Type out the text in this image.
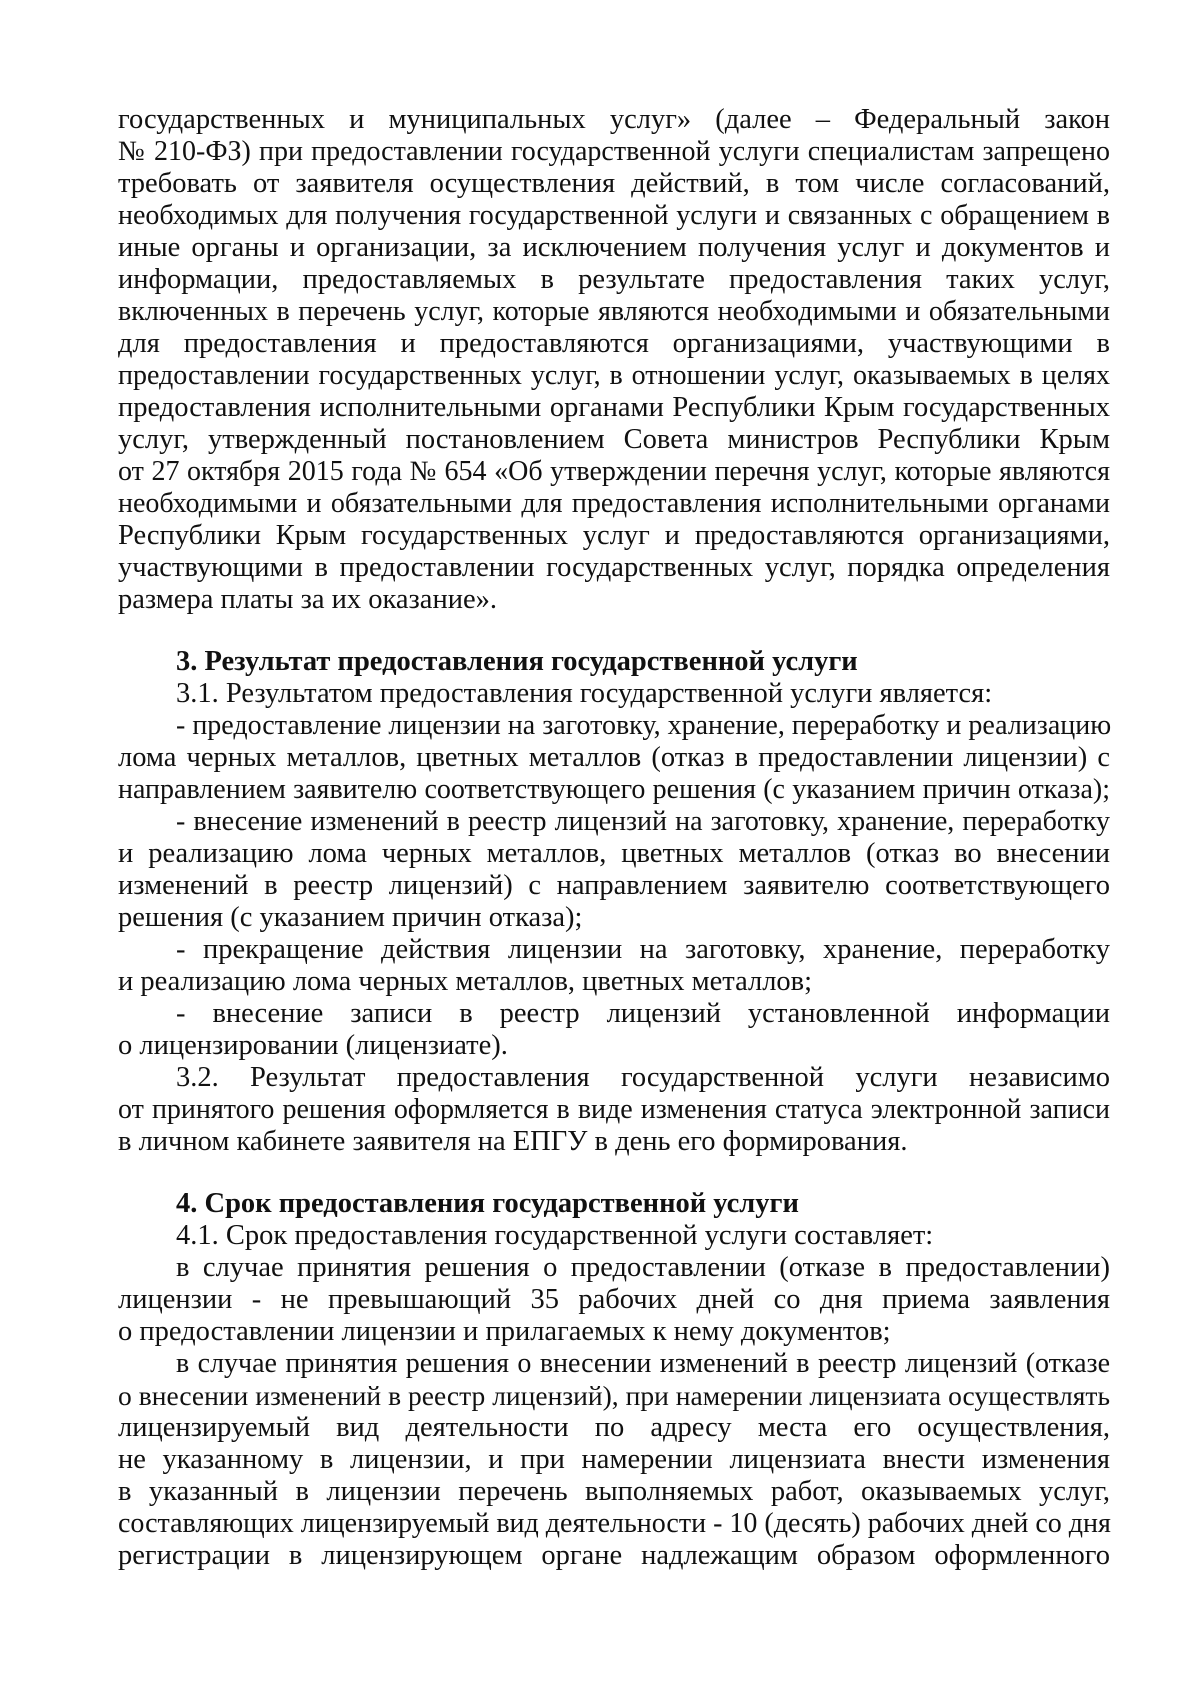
государственных и муниципальных услуг» (далее – Федеральный закон
№ 210-ФЗ) при предоставлении государственной услуги специалистам запрещено
требовать от заявителя осуществления действий, в том числе согласований,
необходимых для получения государственной услуги и связанных с обращением в
иные органы и организации, за исключением получения услуг и документов и
информации, предоставляемых в результате предоставления таких услуг,
включенных в перечень услуг, которые являются необходимыми и обязательными
для предоставления и предоставляются организациями, участвующими в
предоставлении государственных услуг, в отношении услуг, оказываемых в целях
предоставления исполнительными органами Республики Крым государственных
услуг, утвержденный постановлением Совета министров Республики Крым
от 27 октября 2015 года № 654 «Об утверждении перечня услуг, которые являются
необходимыми и обязательными для предоставления исполнительными органами
Республики Крым государственных услуг и предоставляются организациями,
участвующими в предоставлении государственных услуг, порядка определения
размера платы за их оказание».
3. Результат предоставления государственной услуги
3.1. Результатом предоставления государственной услуги является:
- предоставление лицензии на заготовку, хранение, переработку и реализацию
лома черных металлов, цветных металлов (отказ в предоставлении лицензии) с
направлением заявителю соответствующего решения (с указанием причин отказа);
- внесение изменений в реестр лицензий на заготовку, хранение, переработку
и реализацию лома черных металлов, цветных металлов (отказ во внесении
изменений в реестр лицензий) с направлением заявителю соответствующего
решения (с указанием причин отказа);
- прекращение действия лицензии на заготовку, хранение, переработку
и реализацию лома черных металлов, цветных металлов;
- внесение записи в реестр лицензий установленной информации
о лицензировании (лицензиате).
3.2. Результат предоставления государственной услуги независимо
от принятого решения оформляется в виде изменения статуса электронной записи
в личном кабинете заявителя на ЕПГУ в день его формирования.
4. Срок предоставления государственной услуги
4.1. Срок предоставления государственной услуги составляет:
в случае принятия решения о предоставлении (отказе в предоставлении)
лицензии - не превышающий 35 рабочих дней со дня приема заявления
о предоставлении лицензии и прилагаемых к нему документов;
в случае принятия решения о внесении изменений в реестр лицензий (отказе
о внесении изменений в реестр лицензий), при намерении лицензиата осуществлять
лицензируемый вид деятельности по адресу места его осуществления,
не указанному в лицензии, и при намерении лицензиата внести изменения
в указанный в лицензии перечень выполняемых работ, оказываемых услуг,
составляющих лицензируемый вид деятельности - 10 (десять) рабочих дней со дня
регистрации в лицензирующем органе надлежащим образом оформленного
